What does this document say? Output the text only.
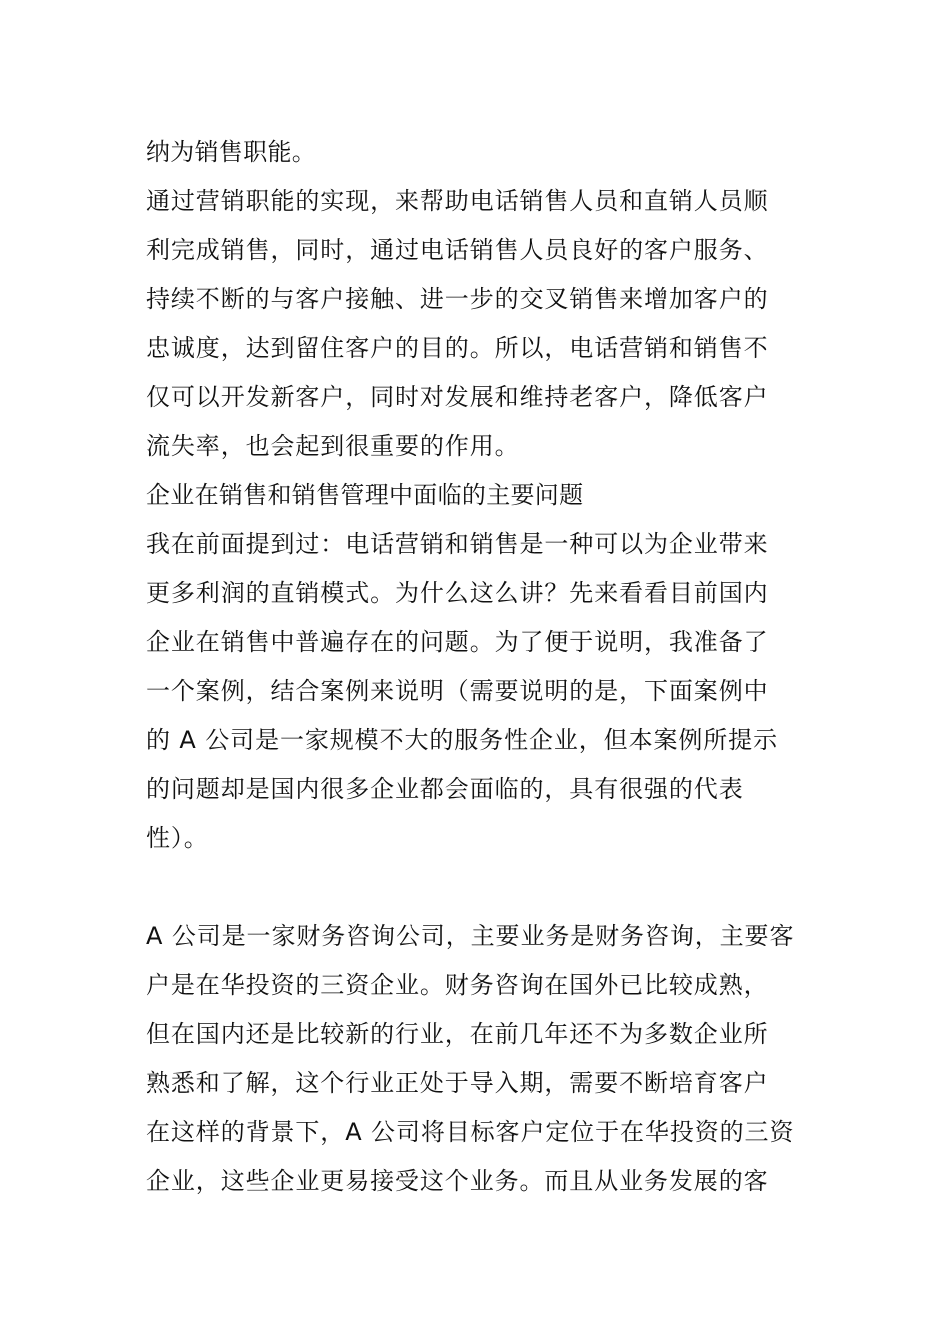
纳为销售职能。
通过营销职能的实现，来帮助电话销售人员和直销人员顺
利完成销售，同时，通过电话销售人员良好的客户服务、
持续不断的与客户接触、进一步的交叉销售来增加客户的
忠诚度，达到留住客户的目的。所以，电话营销和销售不
仅可以开发新客户，同时对发展和维持老客户，降低客户
流失率，也会起到很重要的作用。
企业在销售和销售管理中面临的主要问题
我在前面提到过：电话营销和销售是一种可以为企业带来
更多利润的直销模式。为什么这么讲？先来看看目前国内
企业在销售中普遍存在的问题。为了便于说明，我准备了
一个案例，结合案例来说明（需要说明的是，下面案例中
的 A 公司是一家规模不大的服务性企业，但本案例所提示
的问题却是国内很多企业都会面临的，具有很强的代表
性）。
A 公司是一家财务咨询公司，主要业务是财务咨询，主要客
户是在华投资的三资企业。财务咨询在国外已比较成熟，
但在国内还是比较新的行业，在前几年还不为多数企业所
熟悉和了解，这个行业正处于导入期，需要不断培育客户
在这样的背景下，A 公司将目标客户定位于在华投资的三资
企业，这些企业更易接受这个业务。而且从业务发展的客
